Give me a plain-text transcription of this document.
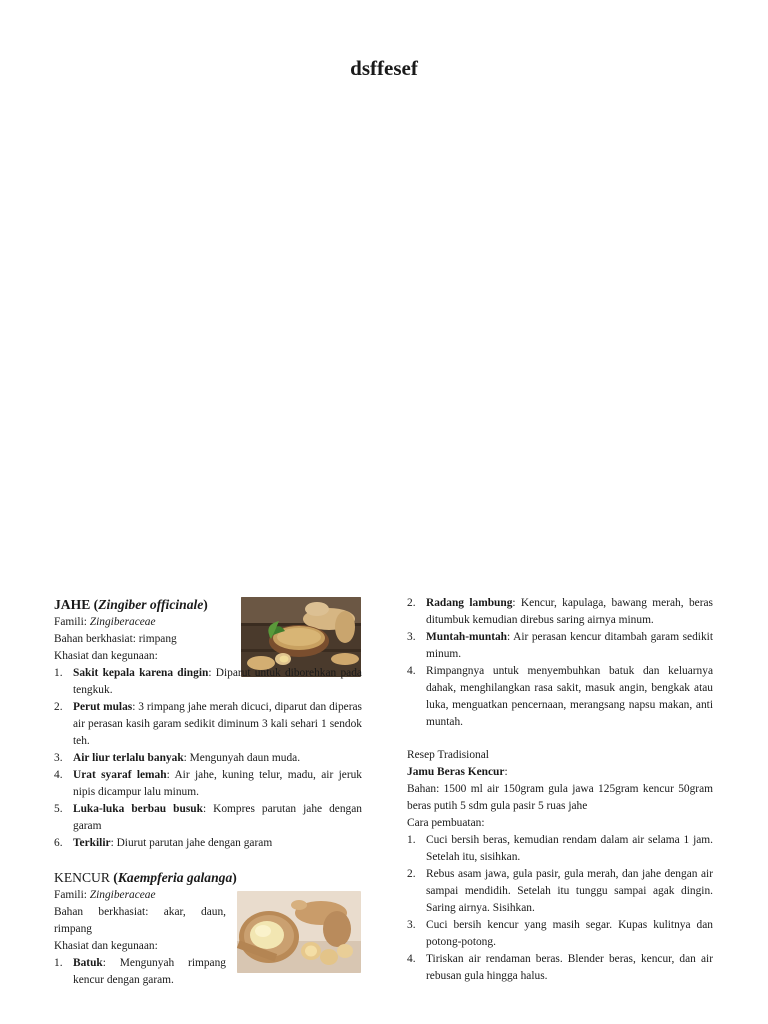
dsffesef
JAHE (Zingiber officinale)
Famili: Zingiberaceae
Bahan berkhasiat: rimpang
Khasiat dan kegunaan:
1. Sakit kepala karena dingin: Diparut untuk diborehkan pada tengkuk.
2. Perut mulas: 3 rimpang jahe merah dicuci, diparut dan diperas air perasan kasih garam sedikit diminum 3 kali sehari 1 sendok teh.
3. Air liur terlalu banyak: Mengunyah daun muda.
4. Urat syaraf lemah: Air jahe, kuning telur, madu, air jeruk nipis dicampur lalu minum.
5. Luka-luka berbau busuk: Kompres parutan jahe dengan garam
6. Terkilir: Diurut parutan jahe dengan garam
KENCUR (Kaempferia galanga)
Famili: Zingiberaceae
Bahan berkhasiat: akar, daun, rimpang
Khasiat dan kegunaan:
1. Batuk: Mengunyah rimpang kencur dengan garam.
2. Radang lambung: Kencur, kapulaga, bawang merah, beras ditumbuk kemudian direbus saring airnya minum.
3. Muntah-muntah: Air perasan kencur ditambah garam sedikit minum.
4. Rimpangnya untuk menyembuhkan batuk dan keluarnya dahak, menghilangkan rasa sakit, masuk angin, bengkak atau luka, menguatkan pencernaan, merangsang napsu makan, anti muntah.
Resep Tradisional
Jamu Beras Kencur:
Bahan: 1500 ml air 150gram gula jawa 125gram kencur 50gram beras putih 5 sdm gula pasir 5 ruas jahe
Cara pembuatan:
1. Cuci bersih beras, kemudian rendam dalam air selama 1 jam. Setelah itu, sisihkan.
2. Rebus asam jawa, gula pasir, gula merah, dan jahe dengan air sampai mendidih. Setelah itu tunggu sampai agak dingin. Saring airnya. Sisihkan.
3. Cuci bersih kencur yang masih segar. Kupas kulitnya dan potong-potong.
4. Tiriskan air rendaman beras. Blender beras, kencur, dan air rebusan gula hingga halus.
